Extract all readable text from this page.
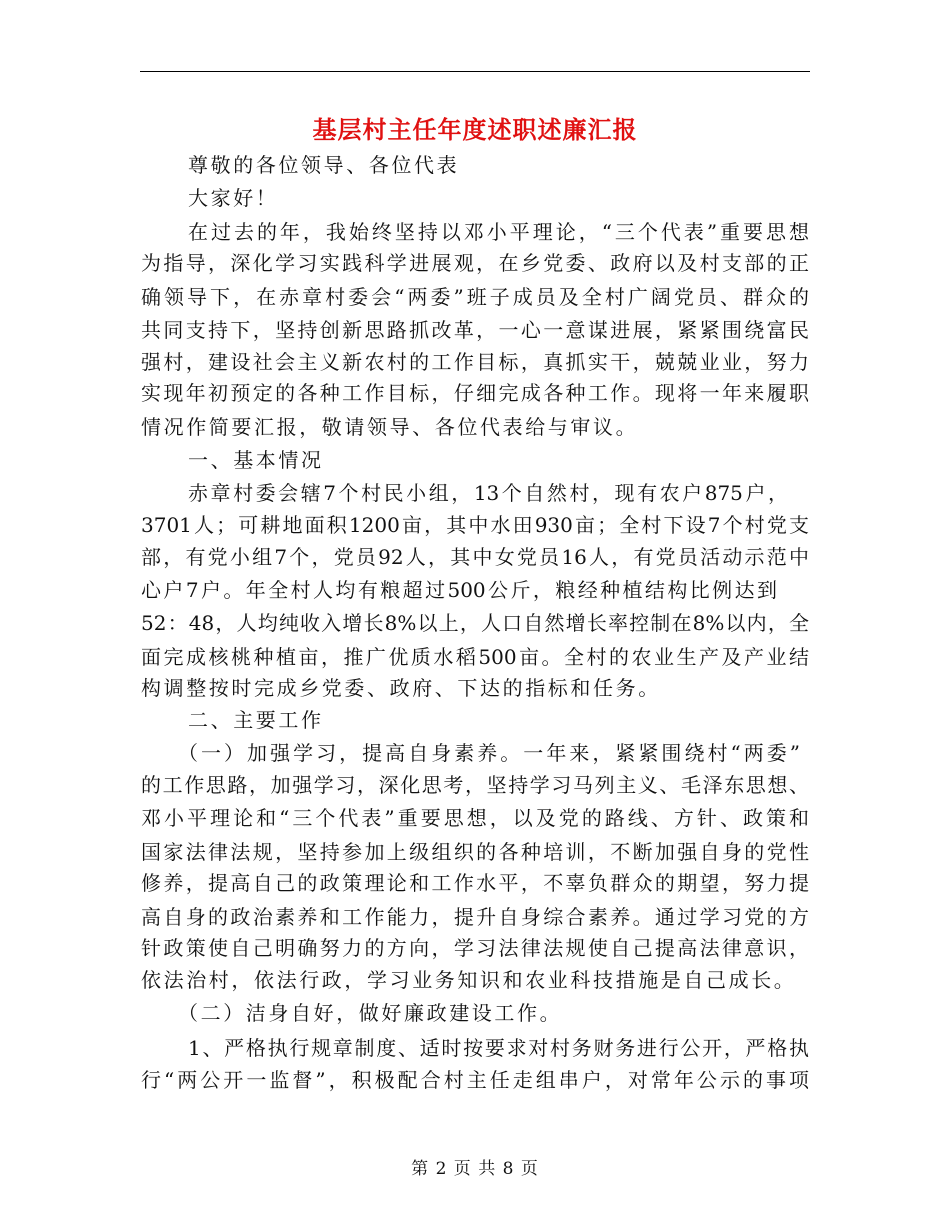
基层村主任年度述职述廉汇报
尊敬的各位领导、各位代表
大家好！
在过去的年，我始终坚持以邓小平理论，“三个代表”重要思想
为指导，深化学习实践科学进展观，在乡党委、政府以及村支部的正
确领导下，在赤章村委会“两委”班子成员及全村广阔党员、群众的
共同支持下，坚持创新思路抓改革，一心一意谋进展，紧紧围绕富民
强村，建设社会主义新农村的工作目标，真抓实干，兢兢业业，努力
实现年初预定的各种工作目标，仔细完成各种工作。现将一年来履职
情况作简要汇报，敬请领导、各位代表给与审议。
一、基本情况
赤章村委会辖7个村民小组，13个自然村，现有农户875户，
3701人；可耕地面积1200亩，其中水田930亩；全村下设7个村党支
部，有党小组7个，党员92人，其中女党员16人，有党员活动示范中
心户7户。年全村人均有粮超过500公斤，粮经种植结构比例达到
52：48，人均纯收入增长8%以上，人口自然增长率控制在8%以内，全
面完成核桃种植亩，推广优质水稻500亩。全村的农业生产及产业结
构调整按时完成乡党委、政府、下达的指标和任务。
二、主要工作
（一）加强学习，提高自身素养。一年来，紧紧围绕村“两委”
的工作思路，加强学习，深化思考，坚持学习马列主义、毛泽东思想、
邓小平理论和“三个代表”重要思想，以及党的路线、方针、政策和
国家法律法规，坚持参加上级组织的各种培训，不断加强自身的党性
修养，提高自己的政策理论和工作水平，不辜负群众的期望，努力提
高自身的政治素养和工作能力，提升自身综合素养。通过学习党的方
针政策使自己明确努力的方向，学习法律法规使自己提高法律意识，
依法治村，依法行政，学习业务知识和农业科技措施是自己成长。
（二）洁身自好，做好廉政建设工作。
1、严格执行规章制度、适时按要求对村务财务进行公开，严格执
行“两公开一监督”，积极配合村主任走组串户，对常年公示的事项
第 2 页 共 8 页
